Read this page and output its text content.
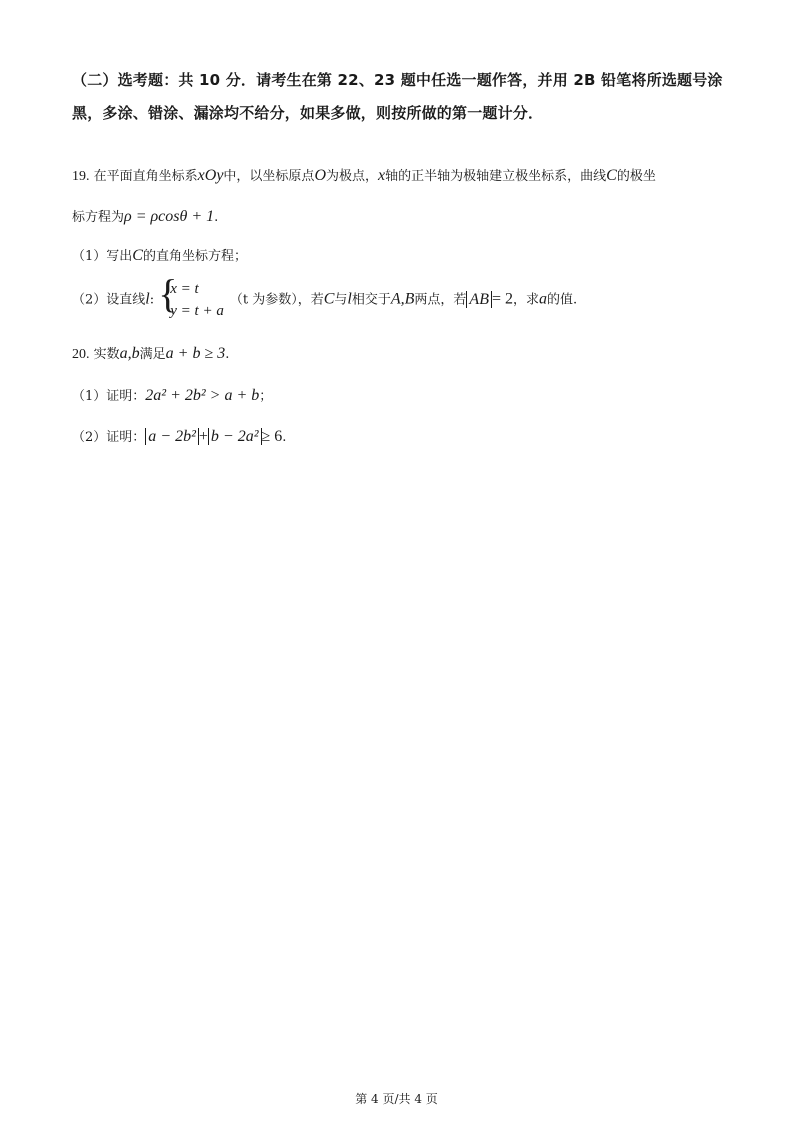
（二）选考题：共 10 分．请考生在第 22、23 题中任选一题作答，并用 2B 铅笔将所选题号涂黑，多涂、错涂、漏涂均不给分，如果多做，则按所做的第一题计分．
19. 在平面直角坐标系xOy中，以坐标原点O为极点，x轴的正半轴为极轴建立极坐标系，曲线C的极坐
标方程为ρ = ρcosθ + 1.
（1）写出C的直角坐标方程；
（2）设直线l: {
x = t
y = t + a
（t 为参数），若C与l相交于A,B两点，若 AB = 2，求a的值.
20. 实数a,b满足a + b ≥ 3.
（1）证明：2a² + 2b² > a + b；
（2）证明： a − 2b² + b − 2a² ≥ 6.
第 4 页/共 4 页
